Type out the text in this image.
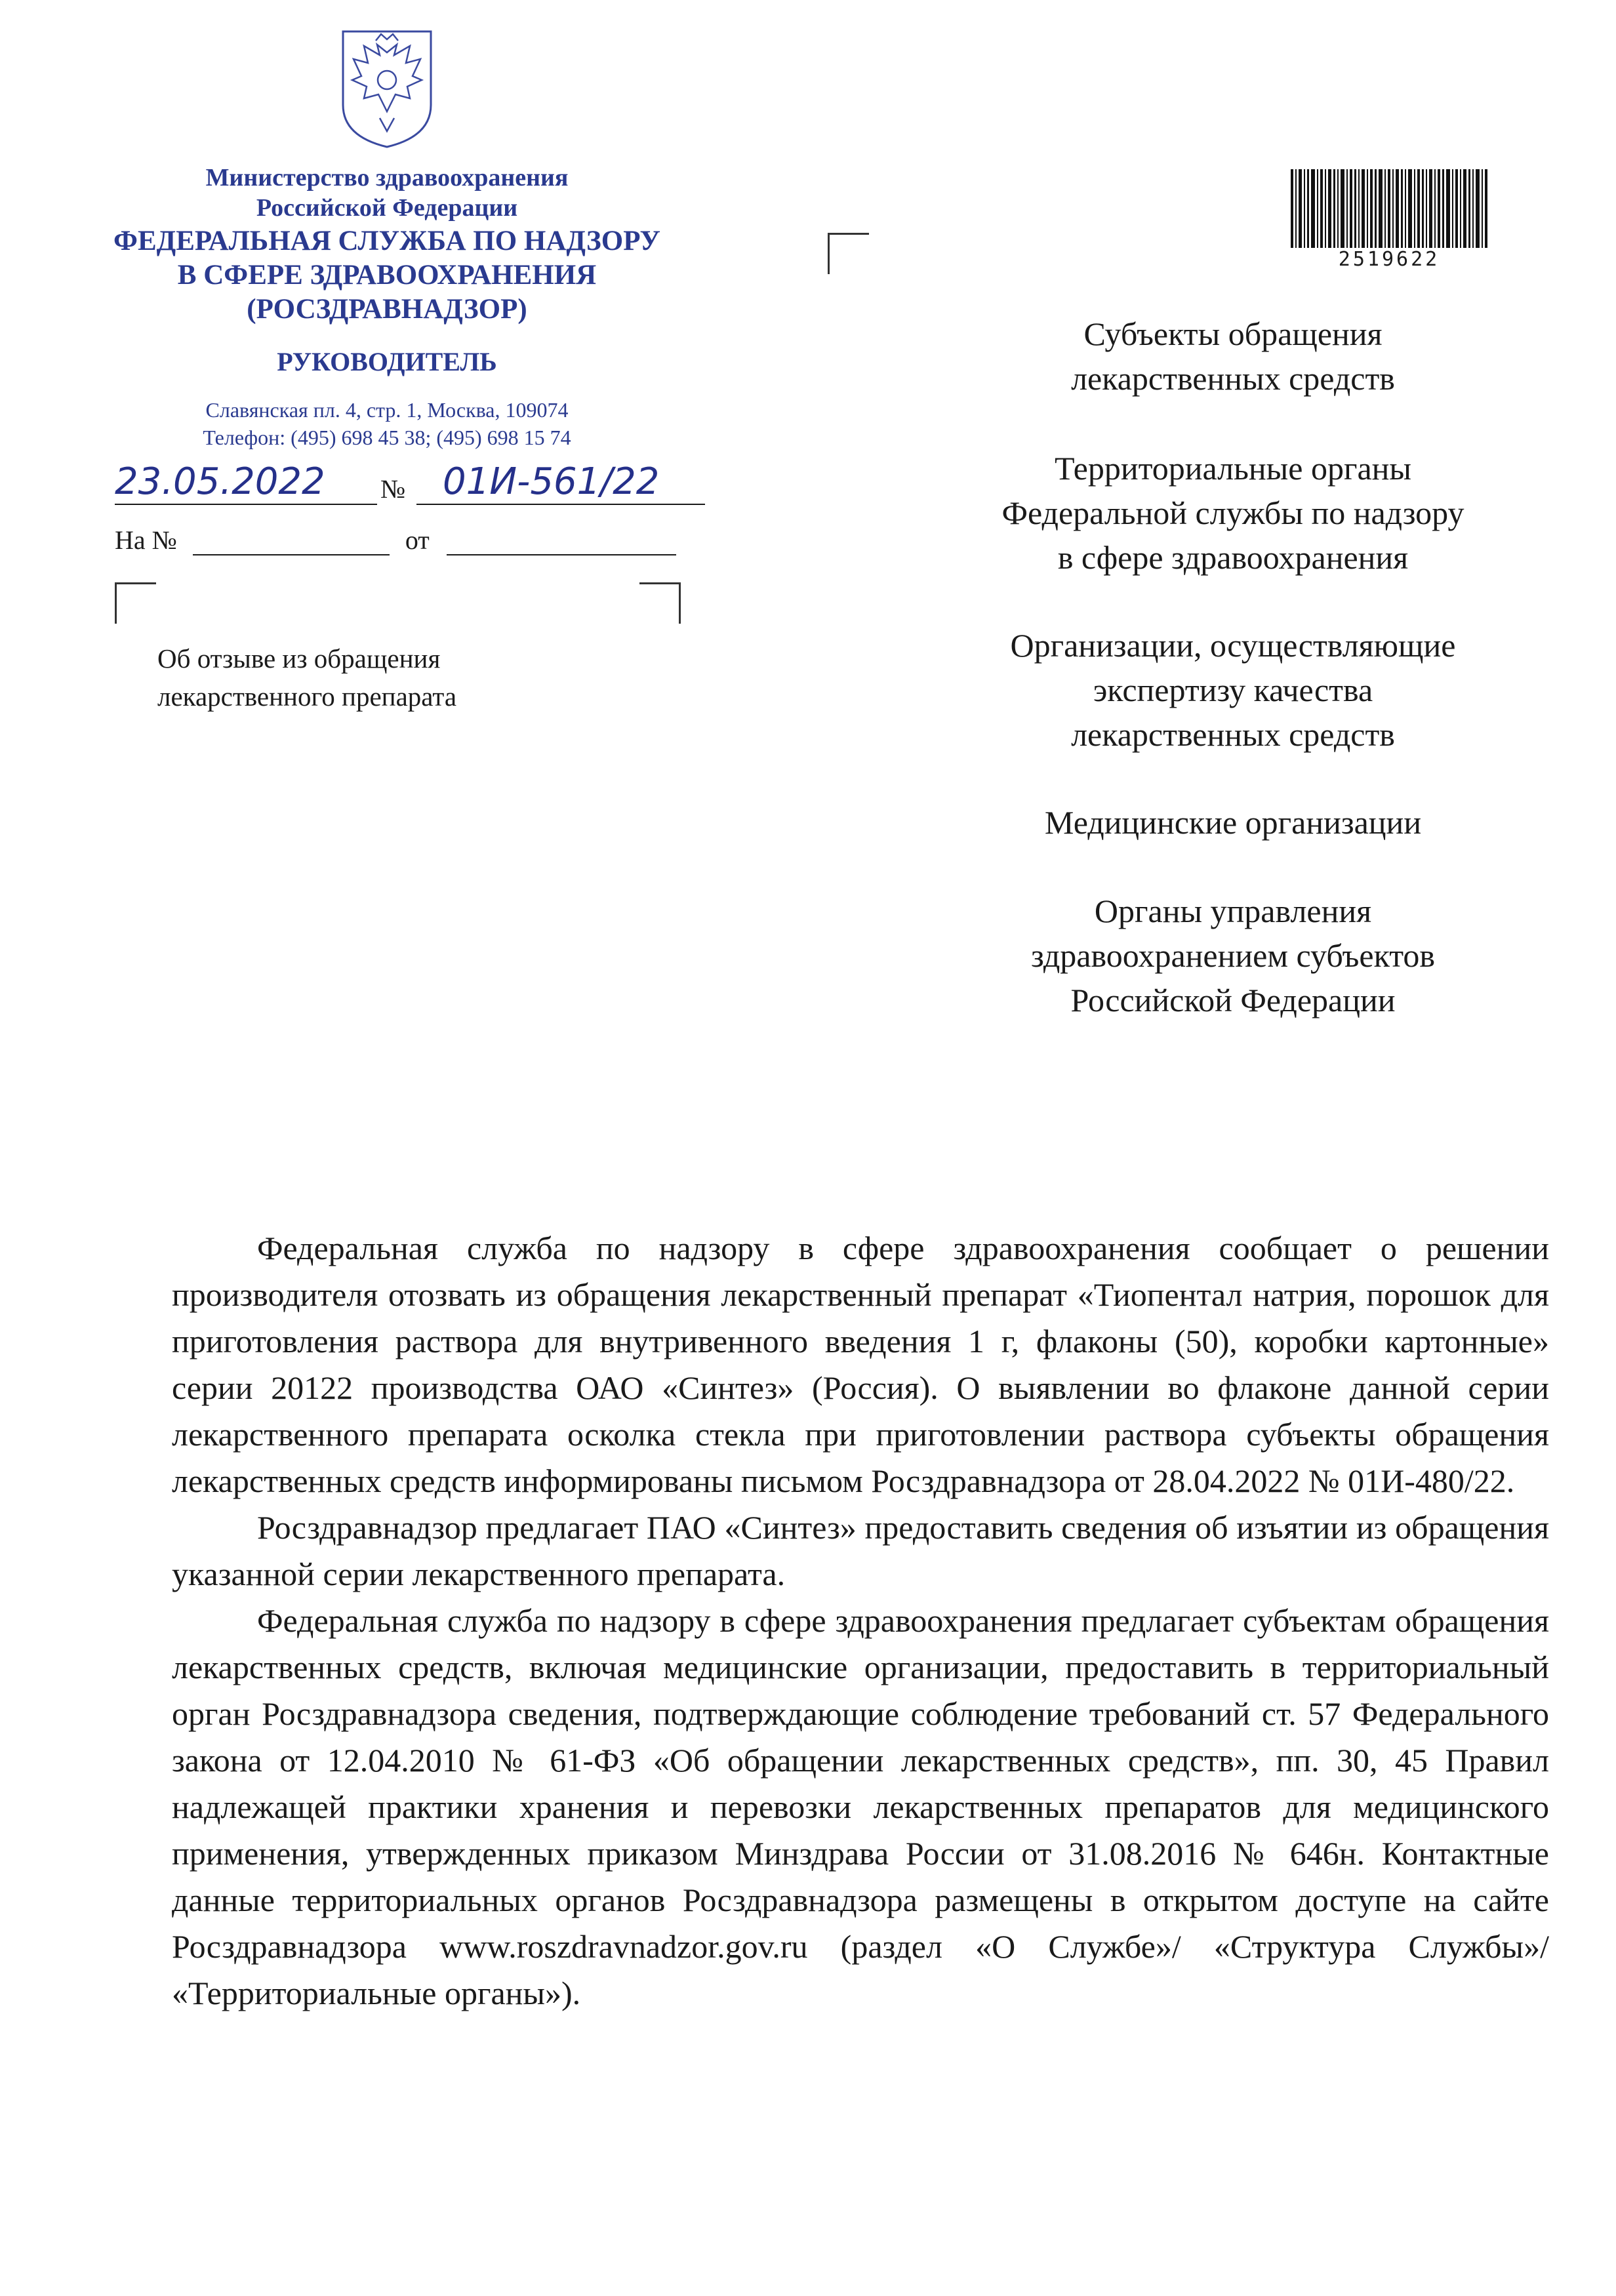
Министерство здравоохранения
Российской Федерации
ФЕДЕРАЛЬНАЯ СЛУЖБА ПО НАДЗОРУ
В СФЕРЕ ЗДРАВООХРАНЕНИЯ
(РОСЗДРАВНАДЗОР)
РУКОВОДИТЕЛЬ
Славянская пл. 4, стр. 1, Москва, 109074
Телефон: (495) 698 45 38; (495) 698 15 74
23.05.2022 № 01И-561/22
На №	от
Об отзыве из обращения
лекарственного препарата
2519622
Субъекты обращения
лекарственных средств
Территориальные органы
Федеральной службы по надзору
в сфере здравоохранения
Организации, осуществляющие
экспертизу качества
лекарственных средств
Медицинские организации
Органы управления
здравоохранением субъектов
Российской Федерации

Федеральная служба по надзору в сфере здравоохранения сообщает о решении производителя отозвать из обращения лекарственный препарат «Тиопентал натрия, порошок для приготовления раствора для внутривенного введения 1 г, флаконы (50), коробки картонные» серии 20122 производства ОАО «Синтез» (Россия). О выявлении во флаконе данной серии лекарственного препарата осколка стекла при приготовлении раствора субъекты обращения лекарственных средств информированы письмом Росздравнадзора от 28.04.2022 № 01И-480/22.

Росздравнадзор предлагает ПАО «Синтез» предоставить сведения об изъятии из обращения указанной серии лекарственного препарата.

Федеральная служба по надзору в сфере здравоохранения предлагает субъектам обращения лекарственных средств, включая медицинские организации, предоставить в территориальный орган Росздравнадзора сведения, подтверждающие соблюдение требований ст. 57 Федерального закона от 12.04.2010 № 61-ФЗ «Об обращении лекарственных средств», пп. 30, 45 Правил надлежащей практики хранения и перевозки лекарственных препаратов для медицинского применения, утвержденных приказом Минздрава России от 31.08.2016 № 646н. Контактные данные территориальных органов Росздравнадзора размещены в открытом доступе на сайте Росздравнадзора www.roszdravnadzor.gov.ru (раздел «О Службе»/ «Структура Службы»/ «Территориальные органы»).
